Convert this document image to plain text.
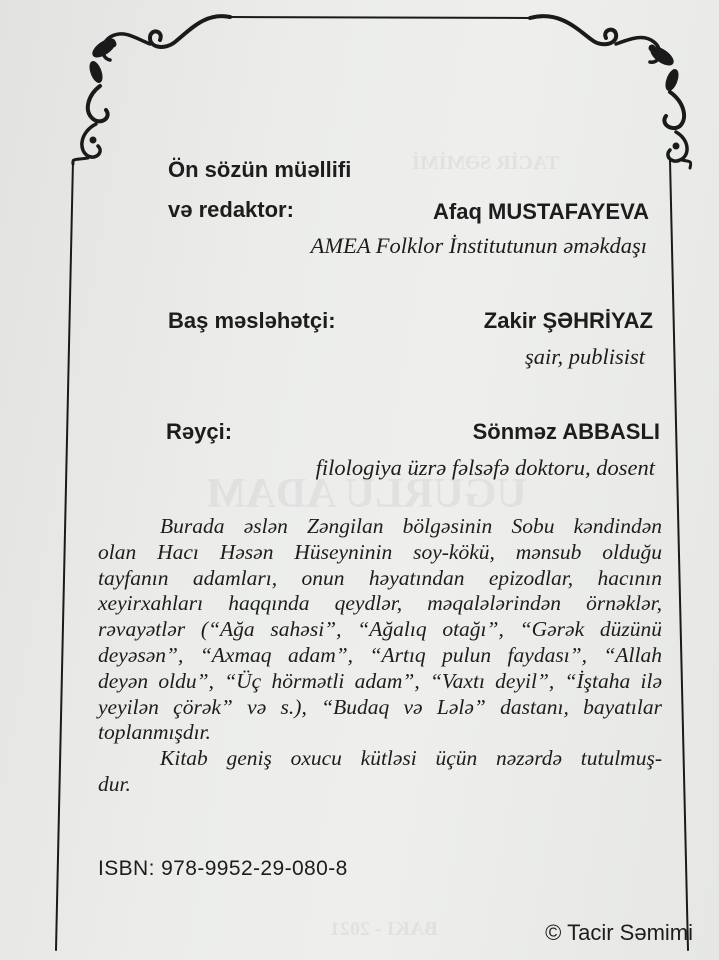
UĞURLU ADAM
TACİR SƏMİMİ
BAKI - 2021
Ön sözün müəllifi
və redaktor:	Afaq MUSTAFAYEVA
AMEA Folklor İnstitutunun əməkdaşı
Baş məsləhətçi:	Zakir ŞƏHRİYAZ
şair, publisist
Rəyçi:	Sönməz ABBASLI
filologiya üzrə fəlsəfə doktoru, dosent
Burada əslən Zəngilan bölgəsinin Sobu kəndindən
olan Hacı Həsən Hüseyninin soy-kökü, mənsub olduğu
tayfanın adamları, onun həyatından epizodlar, hacının
xeyirxahları haqqında qeydlər, məqalələrindən örnəklər,
rəvayətlər (“Ağa sahəsi”, “Ağalıq otağı”, “Gərək düzünü
deyəsən”, “Axmaq adam”, “Artıq pulun faydası”, “Allah
deyən oldu”, “Üç hörmətli adam”, “Vaxtı deyil”, “İştaha ilə
yeyilən çörək” və s.), “Budaq və Lələ” dastanı, bayatılar
toplanmışdır.
Kitab geniş oxucu kütləsi üçün nəzərdə tutulmuş-
dur.
ISBN: 978-9952-29-080-8
© Tacir Səmimi
